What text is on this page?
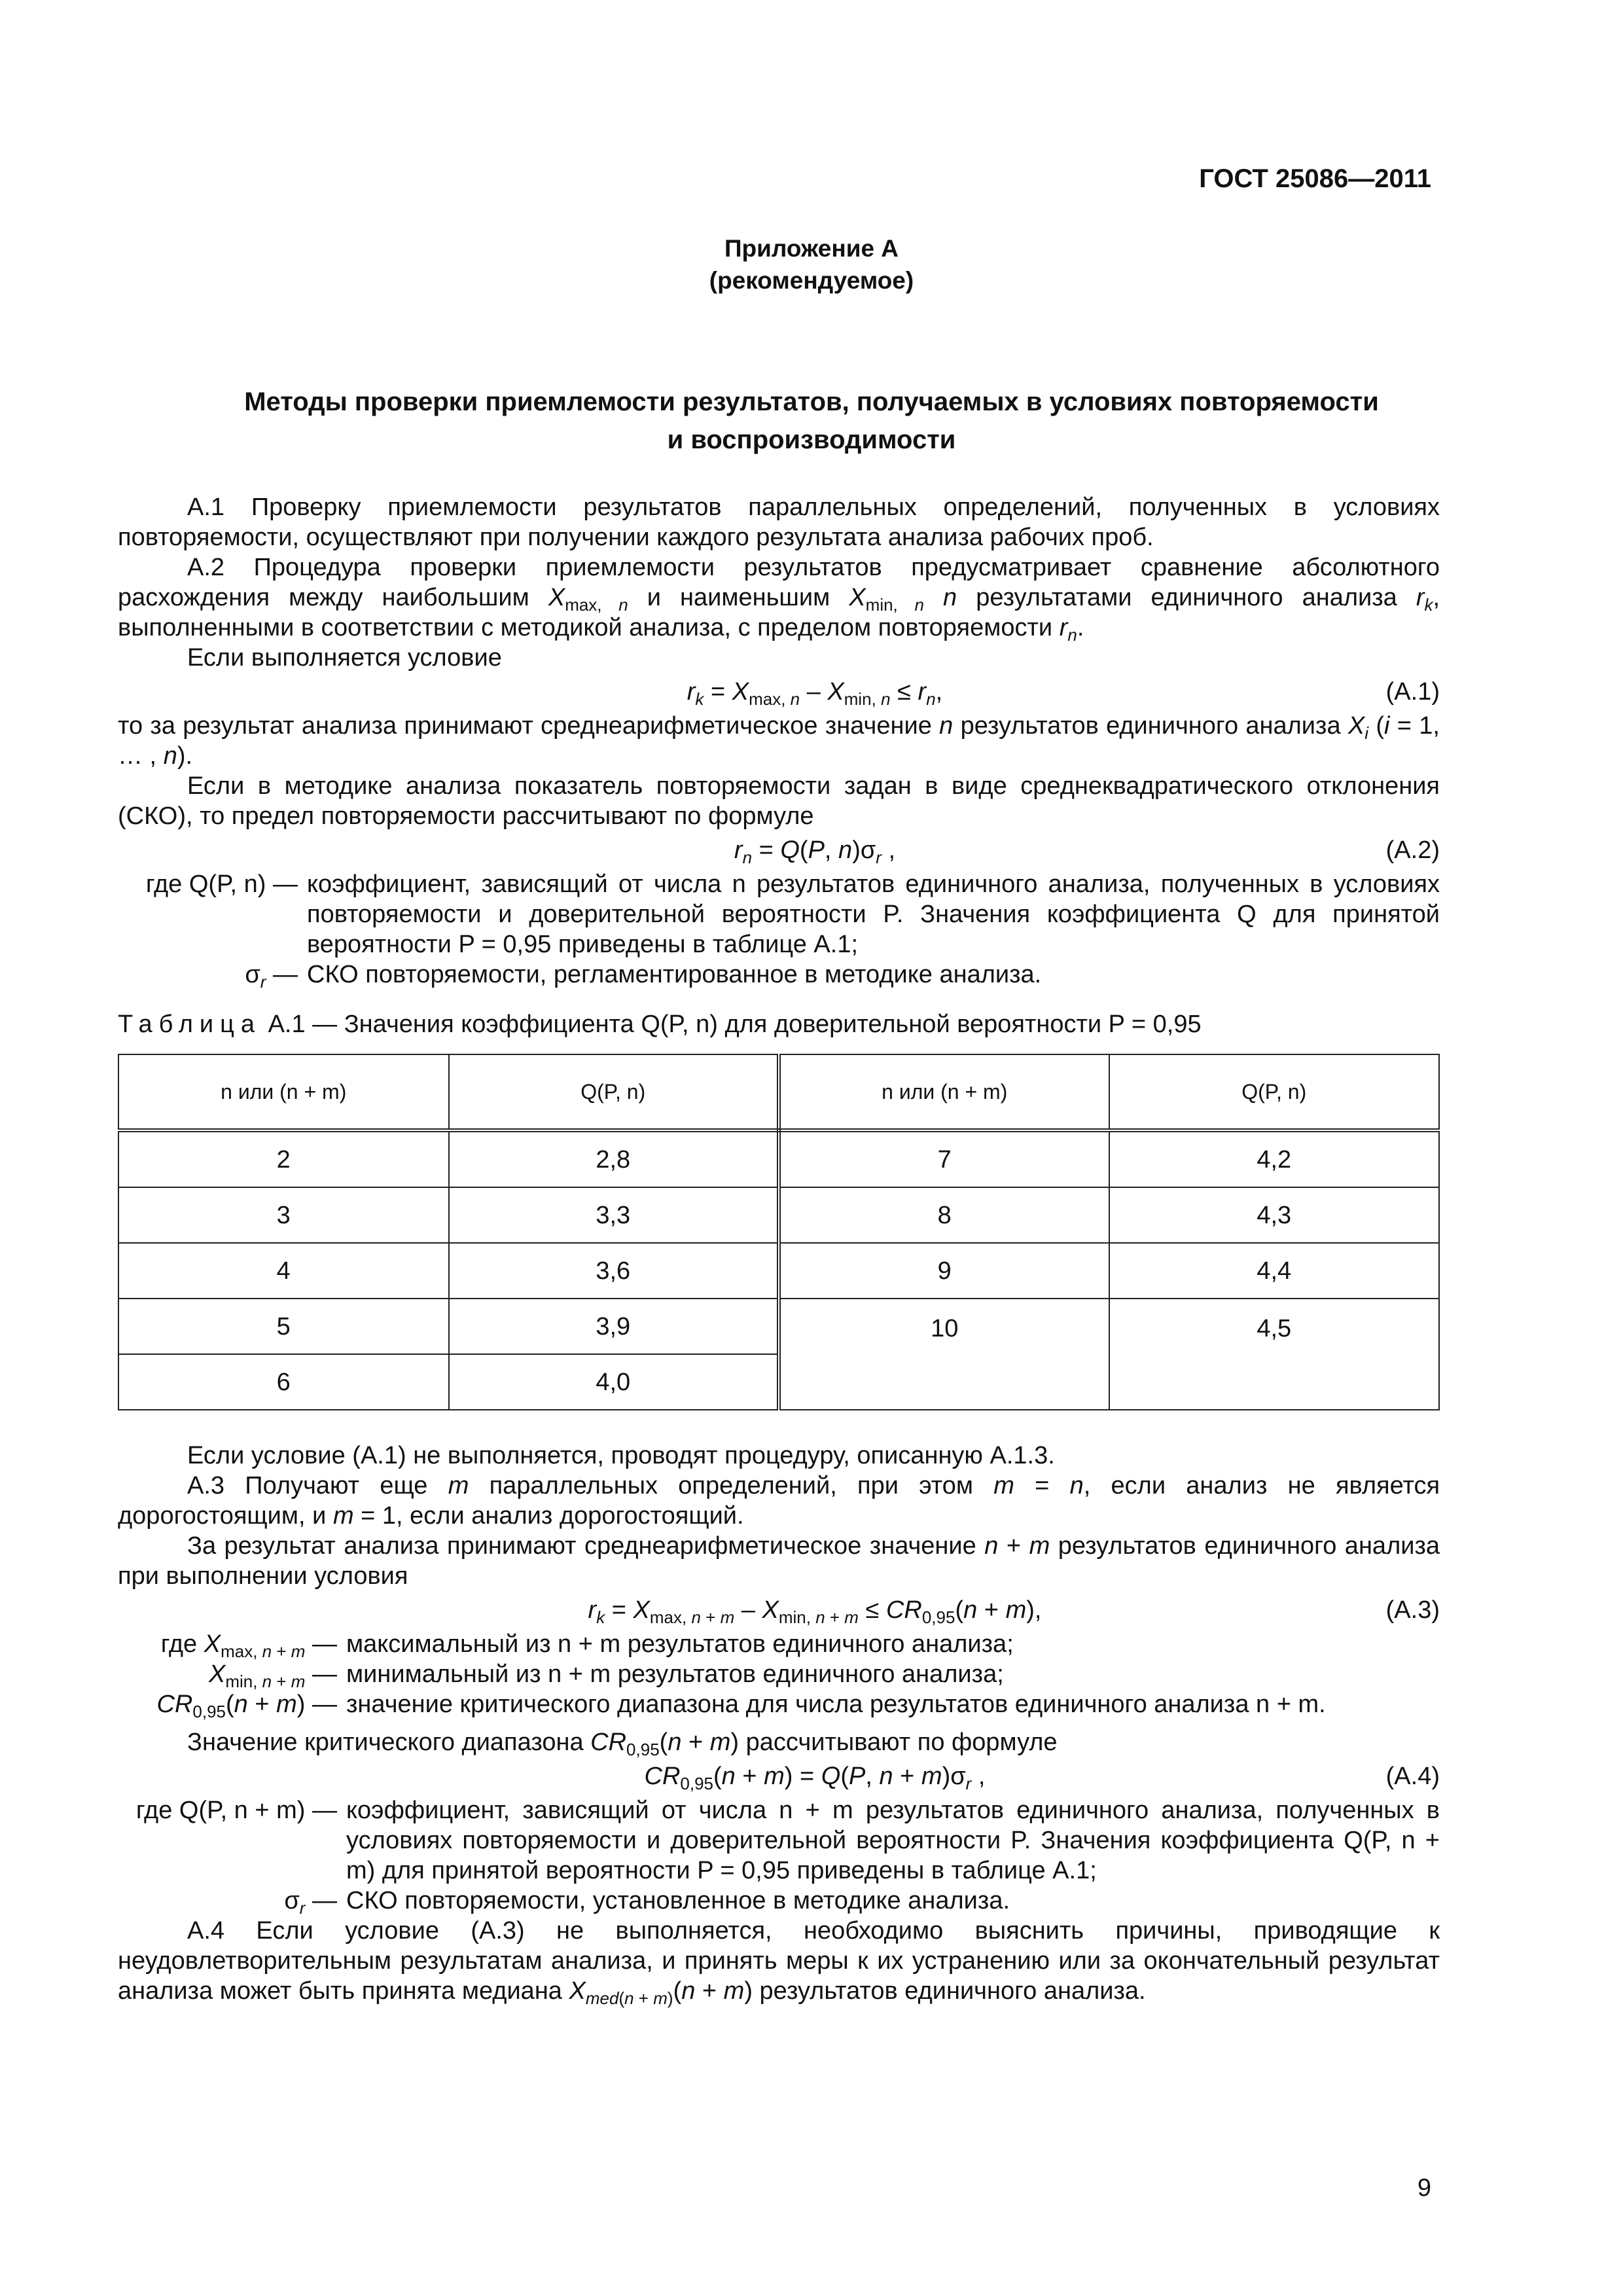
ГОСТ 25086—2011
Приложение А
(рекомендуемое)
Методы проверки приемлемости результатов, получаемых в условиях повторяемости
и воспроизводимости

А.1 Проверку приемлемости результатов параллельных определений, полученных в условиях повторяемости, осуществляют при получении каждого результата анализа рабочих проб.

А.2 Процедура проверки приемлемости результатов предусматривает сравнение абсолютного расхождения между наибольшим $X_{max, n}$ и наименьшим $X_{min, n}$ n результатами единичного анализа $r_k$, выполненными в соответствии с методикой анализа, с пределом повторяемости $r_n$.

Если выполняется условие

$r_k = X_{max, n} - X_{min, n} \le r_n$,	(А.1)

то за результат анализа принимают среднеарифметическое значение n результатов единичного анализа $X_i$ (i = 1, … , n).

Если в методике анализа показатель повторяемости задан в виде среднеквадратического отклонения (СКО), то предел повторяемости рассчитывают по формуле

$r_n = Q(P$, $n)\sigma_r$ ,	(А.2)
где Q(P, n) — коэффициент, зависящий от числа n результатов единичного анализа, полученных в условиях повторяемости и доверительной вероятности P. Значения коэффициента Q для принятой вероятности P = 0,95 приведены в таблице А.1;
$\sigma_r$ — СКО повторяемости, регламентированное в методике анализа.

Таблица А.1 — Значения коэффициента Q(P, n) для доверительной вероятности P = 0,95

n или (n + m)	Q(P, n)	n или (n + m)	Q(P, n)
2	2,8	7	4,2
3	3,3	8	4,3
4	3,6	9	4,4
5	3,9	10	4,5
6	4,0		

Если условие (А.1) не выполняется, проводят процедуру, описанную А.1.3.

А.3 Получают еще m параллельных определений, при этом m = n, если анализ не является дорогостоящим, и m = 1, если анализ дорогостоящий.

За результат анализа принимают среднеарифметическое значение n + m результатов единичного анализа при выполнении условия

$r_k = X_{max, n + m} - X_{min, n + m} \le CR_{0,95}(n + m)$,	(А.3)
где $X_{max, n + m}$ — максимальный из n + m результатов единичного анализа;
$X_{min, n + m}$ — минимальный из n + m результатов единичного анализа;
$CR_{0,95}(n + m)$ — значение критического диапазона для числа результатов единичного анализа n + m.

Значение критического диапазона $CR_{0,95}(n + m)$ рассчитывают по формуле

$CR_{0,95}(n + m) = Q(P$, $n + m)\sigma_r$ ,	(А.4)
где Q(P, n + m) — коэффициент, зависящий от числа n + m результатов единичного анализа, полученных в условиях повторяемости и доверительной вероятности P. Значения коэффициента Q(P, n + m) для принятой вероятности P = 0,95 приведены в таблице А.1;
$\sigma_r$ — СКО повторяемости, установленное в методике анализа.

А.4 Если условие (А.3) не выполняется, необходимо выяснить причины, приводящие к неудовлетворительным результатам анализа, и принять меры к их устранению или за окончательный результат анализа может быть принята медиана $X_{med(n + m)}(n + m)$ результатов единичного анализа.

9
